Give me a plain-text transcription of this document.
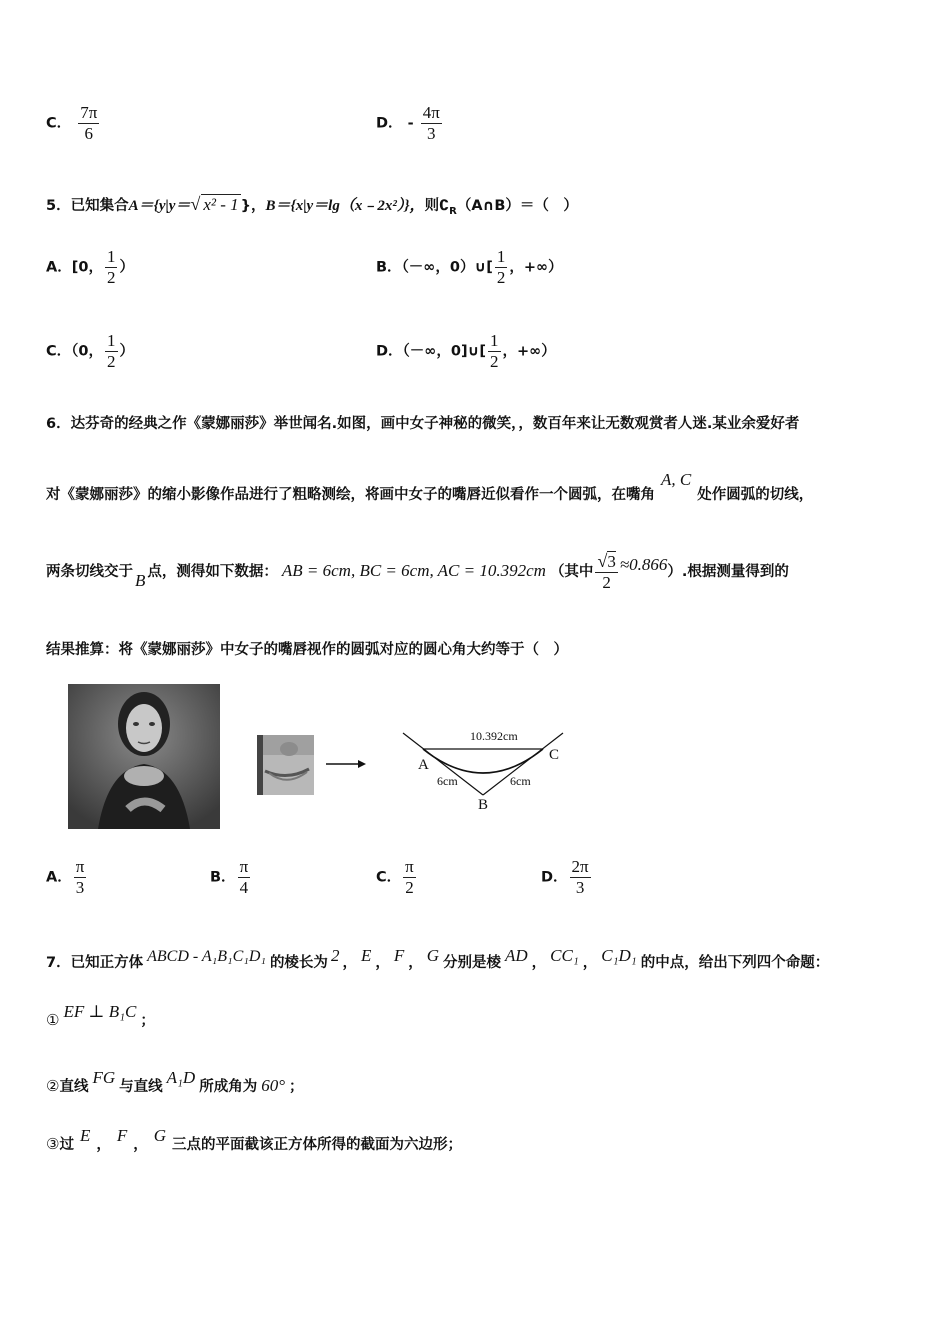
C． $\frac{7\pi}{6}$	D． - $\frac{4\pi}{3}$
5．已知集合A＝{y|y＝√ x² - 1 }，B＝{x|y＝lg（x﹣2x²）}，则$∁_R(A\cap B)=$（　）
A．[0， $\frac{1}{2}$ ）	B．（－∞，0）∪[ $\frac{1}{2}$ ，+∞）
C．（0， $\frac{1}{2}$ ）	D．（－∞，0]∪[ $\frac{1}{2}$ ，+∞）
6．达芬奇的经典之作《蒙娜丽莎》举世闻名.如图，画中女子神秘的微笑，，数百年来让无数观赏者人迷.某业余爱好者
对《蒙娜丽莎》的缩小影像作品进行了粗略测绘，将画中女子的嘴唇近似看作一个圆弧，在嘴角A, C处作圆弧的切线，
两条切线交于 B 点，测得如下数据： AB = 6cm, BC = 6cm, AC = 10.392cm （其中 $\frac{√3}{2} \approx 0.866$）.根据测量得到的
结果推算：将《蒙娜丽莎》中女子的嘴唇视作的圆弧对应的圆心角大约等于（　）
10.392cm
A
C
B
6cm	6cm
A． $\frac{\pi}{3}$	B． $\frac{\pi}{4}$	C． $\frac{\pi}{2}$	D． $\frac{2\pi}{3}$
7．已知正方体 ABCD - A₁B₁C₁D₁ 的棱长为 2 ， E ， F ， G 分别是棱 AD ， CC₁ ， C₁D₁ 的中点，给出下列四个命题：
① EF ⊥ B₁C ；
②直线 FG 与直线 A₁D 所成角为 60° ；
③过 E ， F ， G 三点的平面截该正方体所得的截面为六边形；
